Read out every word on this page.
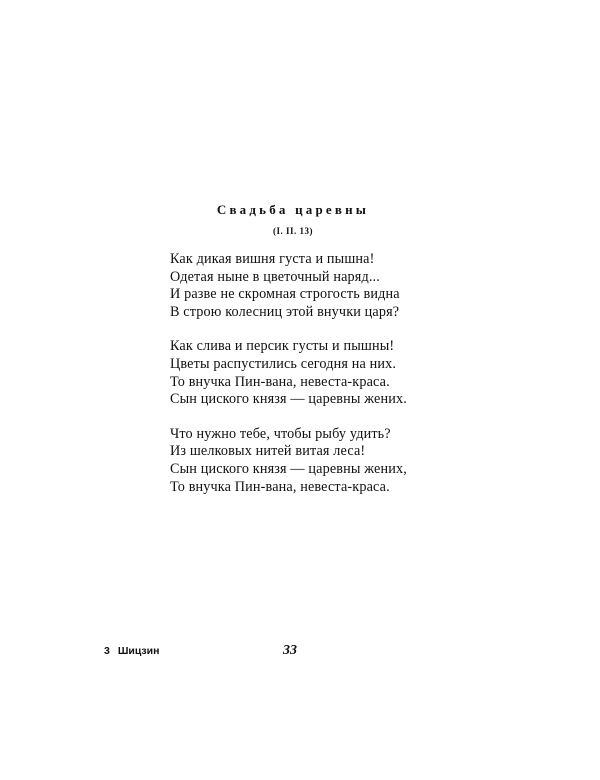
Свадьба царевны
(I. II. 13)
Как дикая вишня густа и пышна!
Одетая ныне в цветочный наряд...
И разве не скромная строгость видна
В строю колесниц этой внучки царя?
Как слива и персик густы и пышны!
Цветы распустились сегодня на них.
То внучка Пин-вана, невеста-краса.
Сын циского князя — царевны жених.
Что нужно тебе, чтобы рыбу удить?
Из шелковых нитей витая леса!
Сын циского князя — царевны жених,
То внучка Пин-вана, невеста-краса.
3 Шицзин	33
